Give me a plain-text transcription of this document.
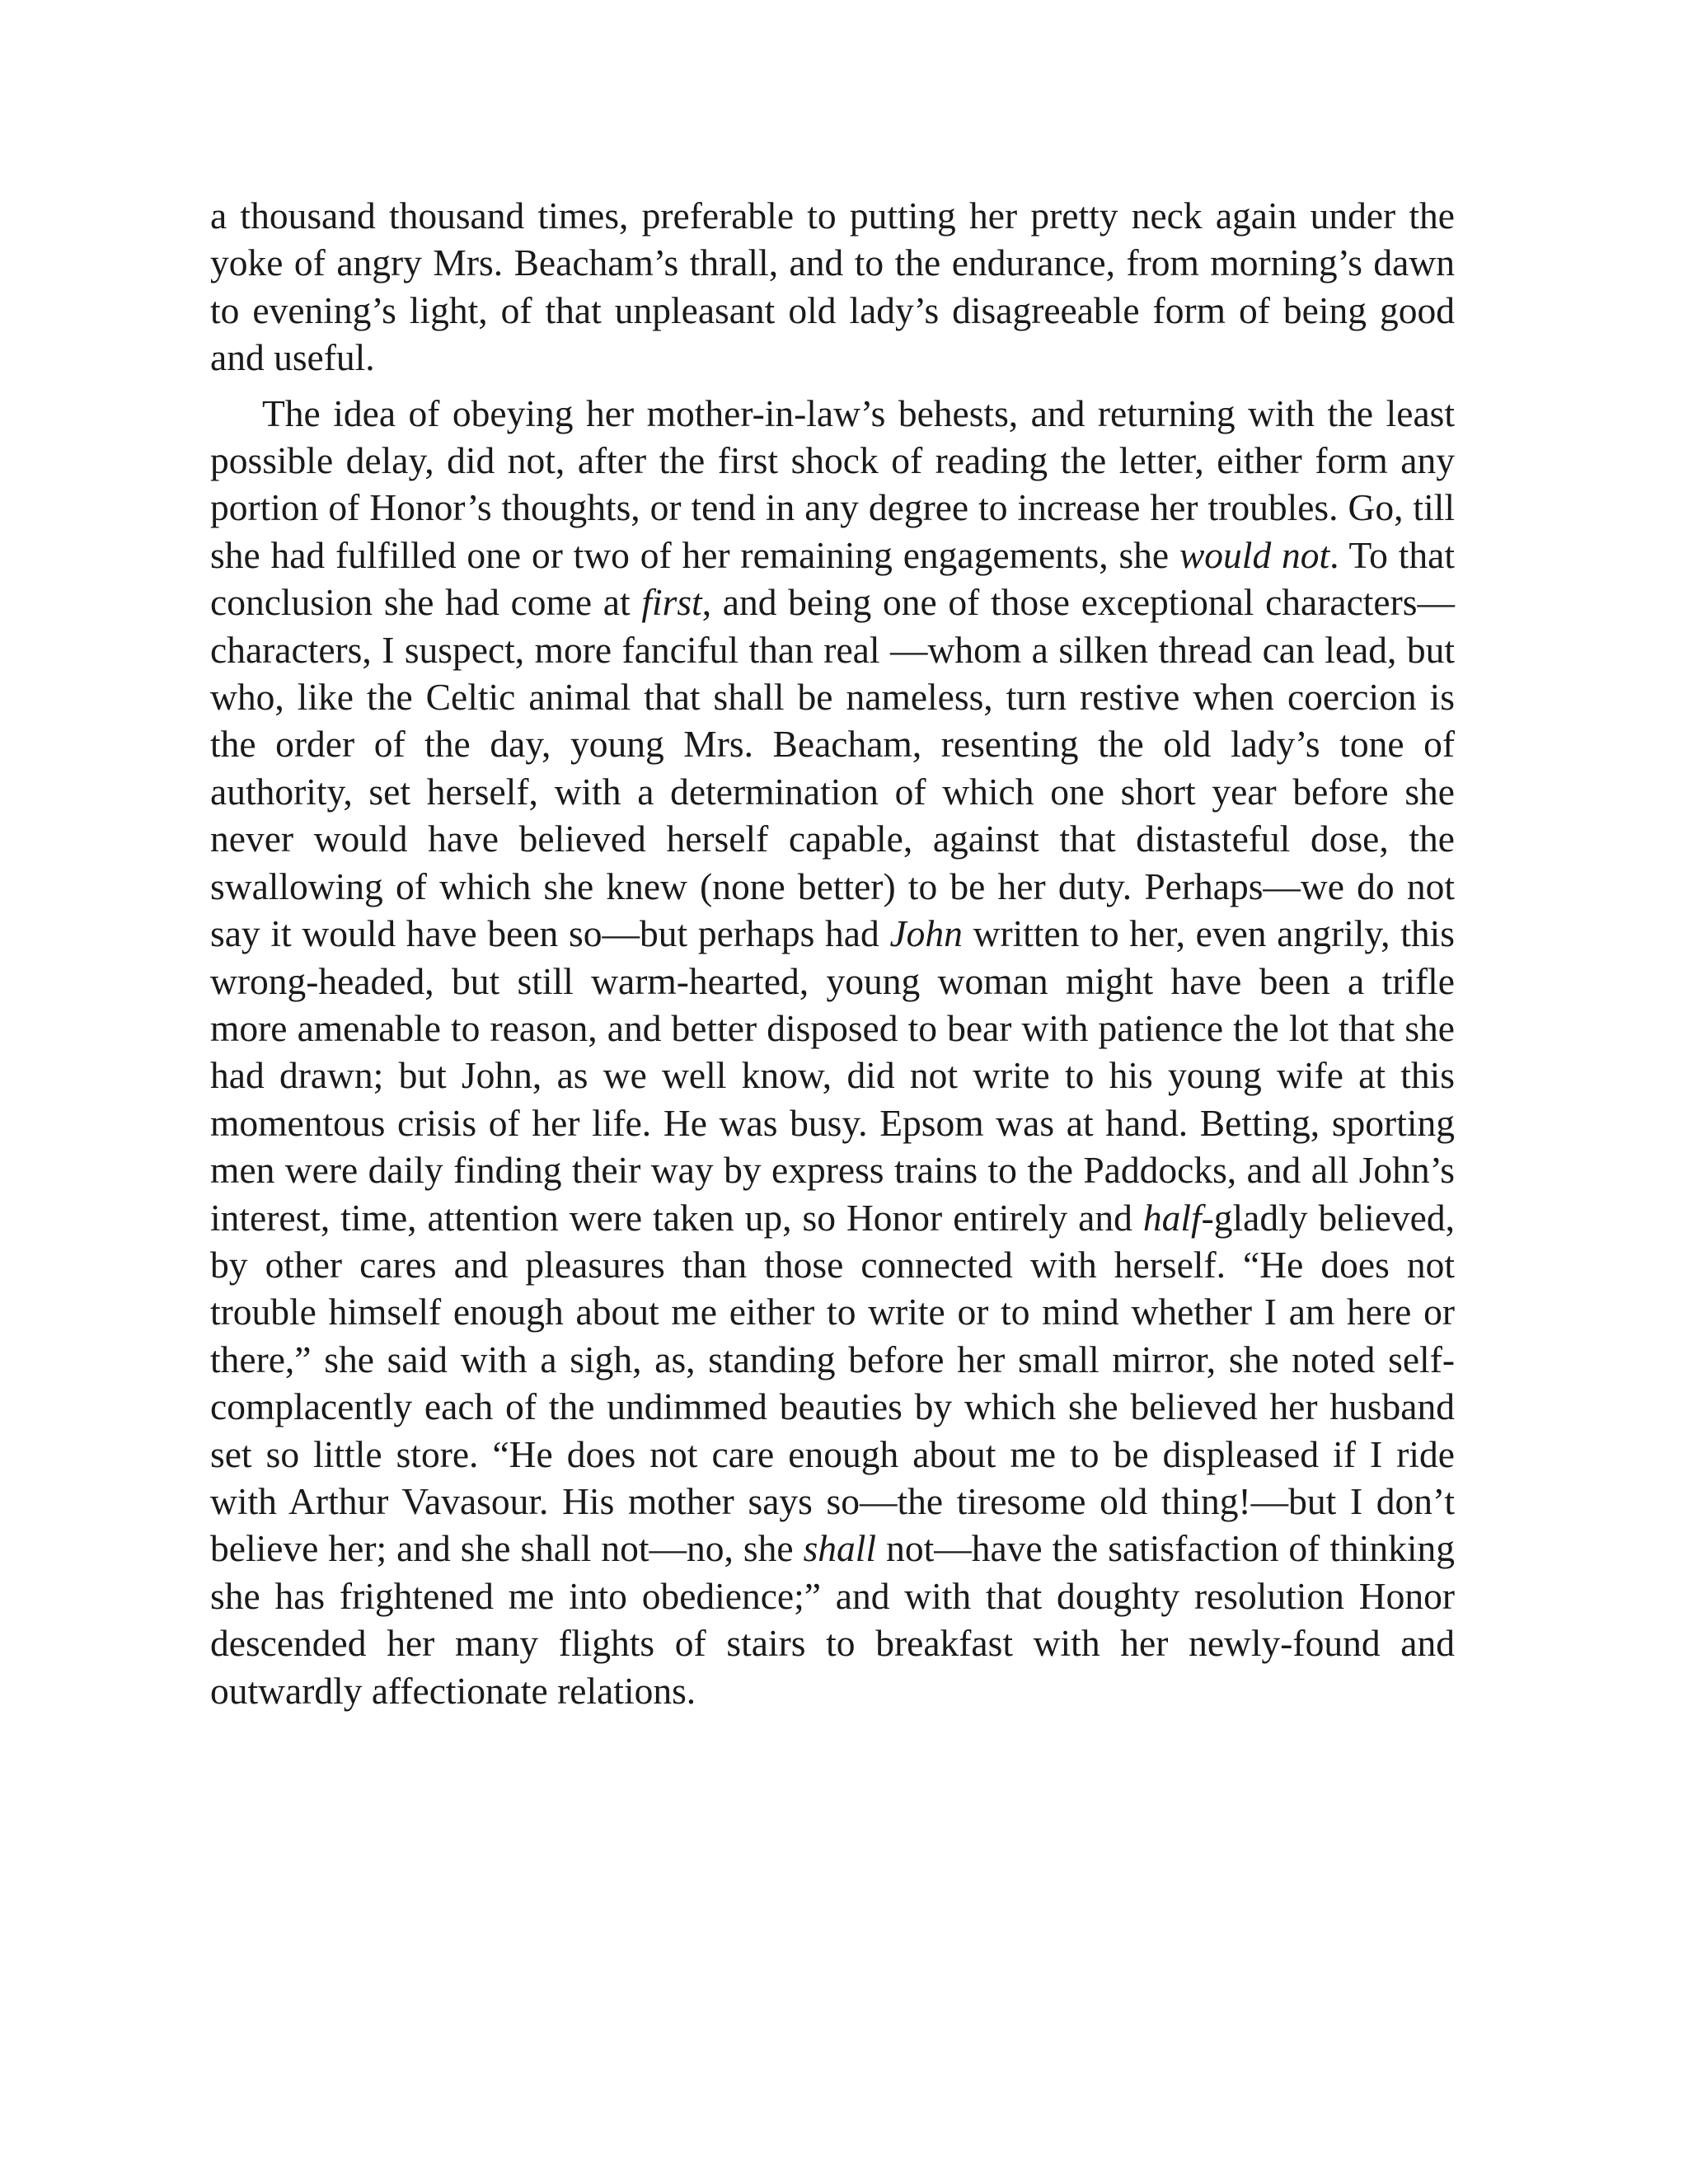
a thousand thousand times, preferable to putting her pretty neck again under the yoke of angry Mrs. Beacham’s thrall, and to the endurance, from morning’s dawn to evening’s light, of that unpleasant old lady’s disagreeable form of being good and useful.

The idea of obeying her mother-in-law’s behests, and returning with the least possible delay, did not, after the first shock of reading the letter, either form any portion of Honor’s thoughts, or tend in any degree to increase her troubles. Go, till she had fulfilled one or two of her remaining engagements, she would not. To that conclusion she had come at first, and being one of those exceptional characters—characters, I suspect, more fanciful than real —whom a silken thread can lead, but who, like the Celtic animal that shall be nameless, turn restive when coercion is the order of the day, young Mrs. Beacham, resenting the old lady’s tone of authority, set herself, with a determination of which one short year before she never would have believed herself capable, against that distasteful dose, the swallowing of which she knew (none better) to be her duty. Perhaps—we do not say it would have been so—but perhaps had John written to her, even angrily, this wrong-headed, but still warm-hearted, young woman might have been a trifle more amenable to reason, and better disposed to bear with patience the lot that she had drawn; but John, as we well know, did not write to his young wife at this momentous crisis of her life. He was busy. Epsom was at hand. Betting, sporting men were daily finding their way by express trains to the Paddocks, and all John’s interest, time, attention were taken up, so Honor entirely and half-gladly believed, by other cares and pleasures than those connected with herself. “He does not trouble himself enough about me either to write or to mind whether I am here or there,” she said with a sigh, as, standing before her small mirror, she noted self-complacently each of the undimmed beauties by which she believed her husband set so little store. “He does not care enough about me to be displeased if I ride with Arthur Vavasour. His mother says so—the tiresome old thing!—but I don’t believe her; and she shall not—no, she shall not—have the satisfaction of thinking she has frightened me into obedience;” and with that doughty resolution Honor descended her many flights of stairs to breakfast with her newly-found and outwardly affectionate relations.
